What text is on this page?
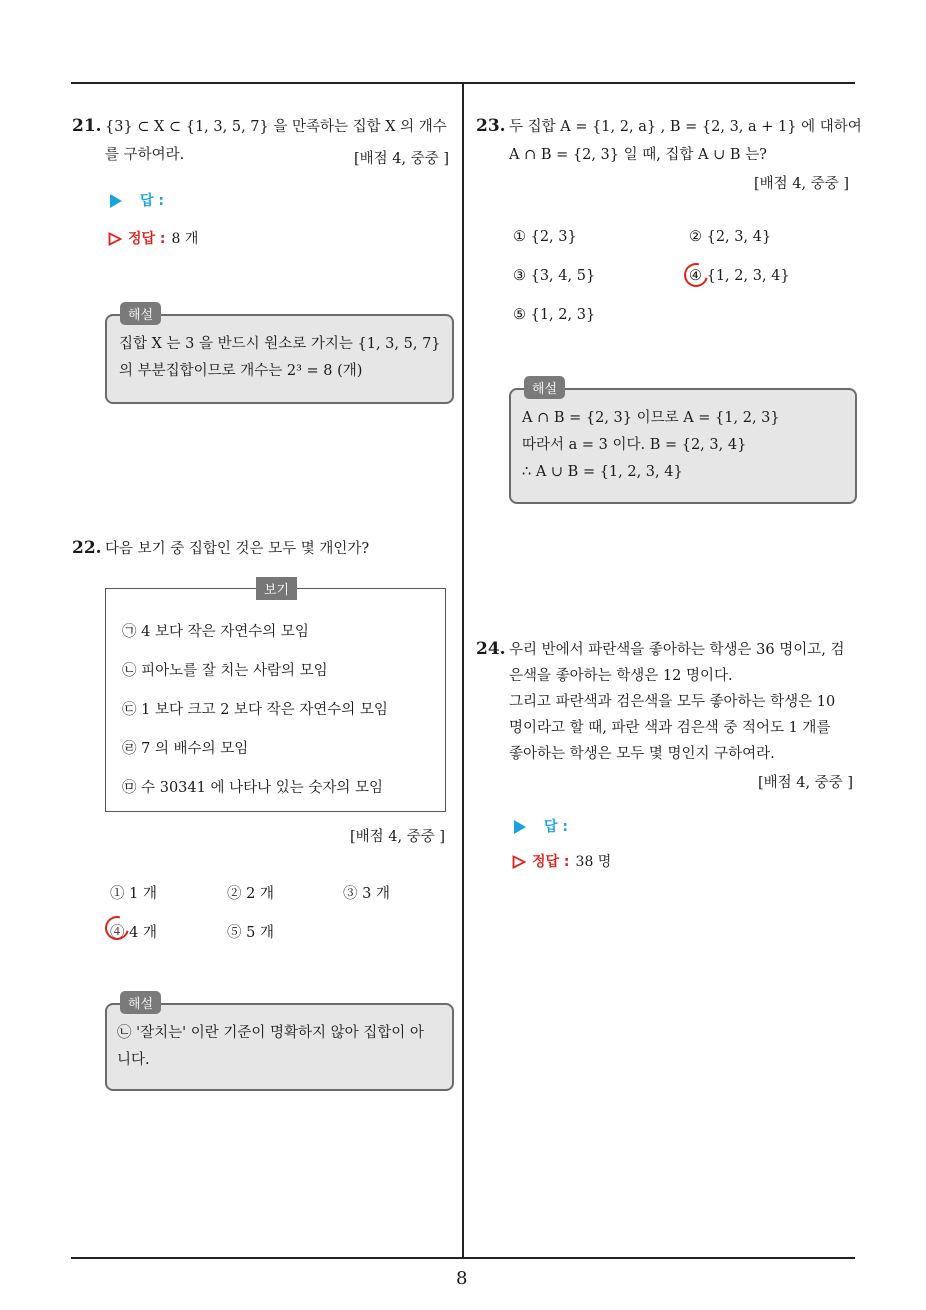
8
21. {3} ⊂ X ⊂ {1, 3, 5, 7} 을 만족하는 집합 X 의 개수
를 구하여라.	[배점 4, 중중 ]
답 :
정답 : 8 개
해설
집합 X 는 3 을 반드시 원소로 가지는 {1, 3, 5, 7}
의 부분집합이므로 개수는 2³ = 8 (개)
22. 다음 보기 중 집합인 것은 모두 몇 개인가?
보기
㉠ 4 보다 작은 자연수의 모임
㉡ 피아노를 잘 치는 사람의 모임
㉢ 1 보다 크고 2 보다 작은 자연수의 모임
㉣ 7 의 배수의 모임
㉤ 수 30341 에 나타나 있는 숫자의 모임
[배점 4, 중중 ]
① 1 개	② 2 개	③ 3 개
④ 4 개	⑤ 5 개
해설
㉡ '잘치는' 이란 기준이 명확하지 않아 집합이 아
니다.
23. 두 집합 A = {1, 2, a} , B = {2, 3, a + 1} 에 대하여
A ∩ B = {2, 3} 일 때, 집합 A ∪ B 는?
[배점 4, 중중 ]
① {2, 3}	② {2, 3, 4}
③ {3, 4, 5}	④ {1, 2, 3, 4}
⑤ {1, 2, 3}
해설
A ∩ B = {2, 3} 이므로 A = {1, 2, 3}
따라서 a = 3 이다. B = {2, 3, 4}
∴ A ∪ B = {1, 2, 3, 4}
24. 우리 반에서 파란색을 좋아하는 학생은 36 명이고, 검
은색을 좋아하는 학생은 12 명이다.
그리고 파란색과 검은색을 모두 좋아하는 학생은 10
명이라고 할 때, 파란 색과 검은색 중 적어도 1 개를
좋아하는 학생은 모두 몇 명인지 구하여라.
[배점 4, 중중 ]
답 :
정답 : 38 명
